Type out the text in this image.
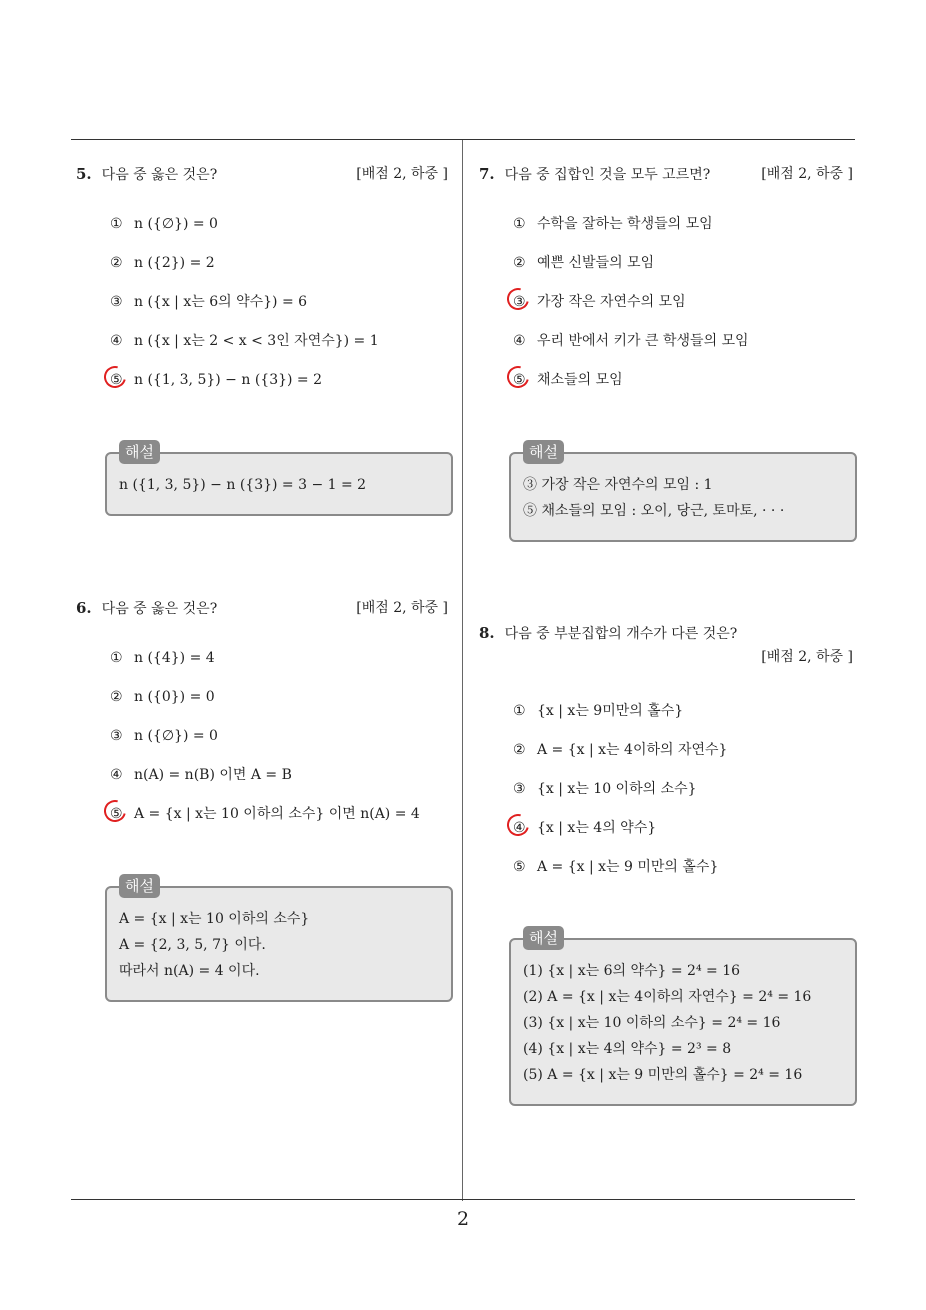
2
5. 다음 중 옳은 것은?	[배점 2, 하중 ]
① n ({∅}) = 0
② n ({2}) = 2
③ n ({x | x는 6의 약수}) = 6
④ n ({x | x는 2 < x < 3인 자연수}) = 1
⑤ n ({1, 3, 5}) − n ({3}) = 2
해설
n ({1, 3, 5}) − n ({3}) = 3 − 1 = 2
6. 다음 중 옳은 것은?	[배점 2, 하중 ]
① n ({4}) = 4
② n ({0}) = 0
③ n ({∅}) = 0
④ n(A) = n(B) 이면 A = B
⑤ A = {x | x는 10 이하의 소수} 이면 n(A) = 4
해설
A = {x | x는 10 이하의 소수}
A = {2, 3, 5, 7} 이다.
따라서 n(A) = 4 이다.
7. 다음 중 집합인 것을 모두 고르면?	[배점 2, 하중 ]
① 수학을 잘하는 학생들의 모임
② 예쁜 신발들의 모임
③ 가장 작은 자연수의 모임
④ 우리 반에서 키가 큰 학생들의 모임
⑤ 채소들의 모임
해설
③ 가장 작은 자연수의 모임 : 1
⑤ 채소들의 모임 : 오이, 당근, 토마토, · · ·
8. 다음 중 부분집합의 개수가 다른 것은?
[배점 2, 하중 ]
① {x | x는 9미만의 홀수}
② A = {x | x는 4이하의 자연수}
③ {x | x는 10 이하의 소수}
④ {x | x는 4의 약수}
⑤ A = {x | x는 9 미만의 홀수}
해설
(1) {x | x는 6의 약수} = 2⁴ = 16
(2) A = {x | x는 4이하의 자연수} = 2⁴ = 16
(3) {x | x는 10 이하의 소수} = 2⁴ = 16
(4) {x | x는 4의 약수} = 2³ = 8
(5) A = {x | x는 9 미만의 홀수} = 2⁴ = 16
